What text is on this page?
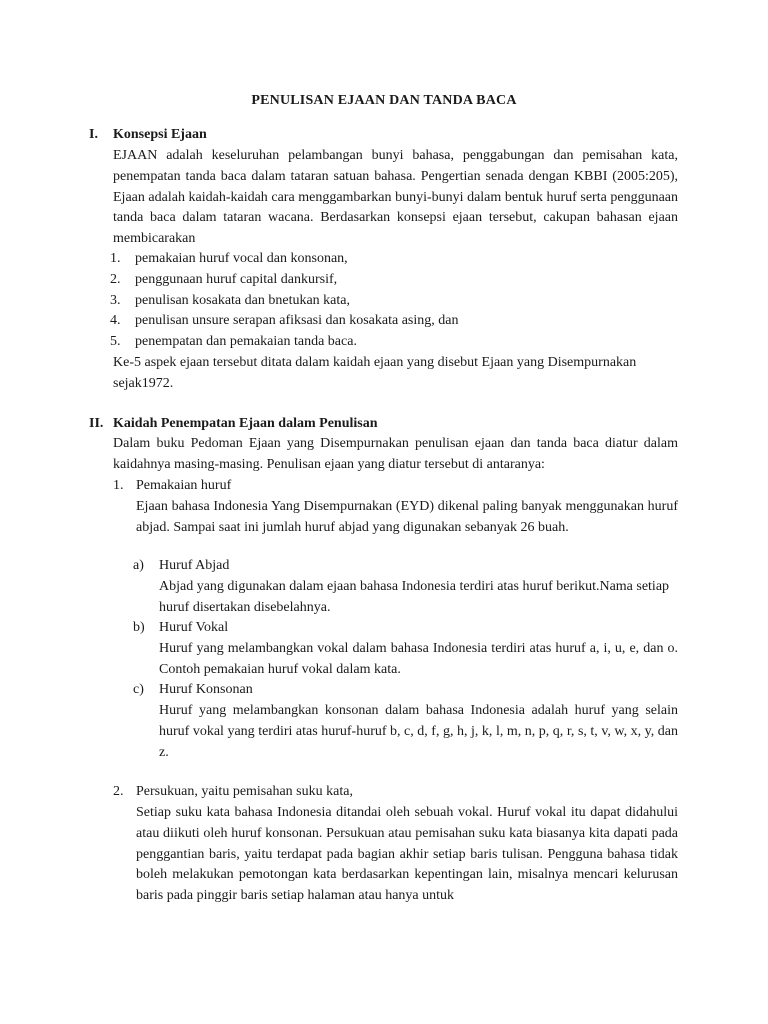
PENULISAN EJAAN DAN TANDA BACA
I. Konsepsi Ejaan
EJAAN adalah keseluruhan pelambangan bunyi bahasa, penggabungan dan pemisahan kata, penempatan tanda baca dalam tataran satuan bahasa. Pengertian senada dengan KBBI (2005:205), Ejaan adalah kaidah-kaidah cara menggambarkan bunyi-bunyi dalam bentuk huruf serta penggunaan tanda baca dalam tataran wacana. Berdasarkan konsepsi ejaan tersebut, cakupan bahasan ejaan membicarakan
1. pemakaian huruf vocal dan konsonan,
2. penggunaan huruf capital dankursif,
3. penulisan kosakata dan bnetukan kata,
4. penulisan unsure serapan afiksasi dan kosakata asing, dan
5. penempatan dan pemakaian tanda baca.
Ke-5 aspek ejaan tersebut ditata dalam kaidah ejaan yang disebut Ejaan yang Disempurnakan
sejak1972.
II. Kaidah Penempatan Ejaan dalam Penulisan
Dalam buku Pedoman Ejaan yang Disempurnakan penulisan ejaan dan tanda baca diatur dalam kaidahnya masing-masing. Penulisan ejaan yang diatur tersebut di antaranya:
1. Pemakaian huruf
Ejaan bahasa Indonesia Yang Disempurnakan (EYD) dikenal paling banyak menggunakan huruf abjad. Sampai saat ini jumlah huruf abjad yang digunakan sebanyak 26 buah.
a) Huruf Abjad
Abjad yang digunakan dalam ejaan bahasa Indonesia terdiri atas huruf berikut.Nama setiap huruf disertakan disebelahnya.
b) Huruf Vokal
Huruf yang melambangkan vokal dalam bahasa Indonesia terdiri atas huruf a, i, u, e, dan o. Contoh pemakaian huruf vokal dalam kata.
c) Huruf Konsonan
Huruf yang melambangkan konsonan dalam bahasa Indonesia adalah huruf yang selain huruf vokal yang terdiri atas huruf-huruf b, c, d, f, g, h, j, k, l, m, n, p, q, r, s, t, v, w, x, y, dan z.
2. Persukuan, yaitu pemisahan suku kata,
Setiap suku kata bahasa Indonesia ditandai oleh sebuah vokal. Huruf vokal itu dapat didahului atau diikuti oleh huruf konsonan. Persukuan atau pemisahan suku kata biasanya kita dapati pada penggantian baris, yaitu terdapat pada bagian akhir setiap baris tulisan. Pengguna bahasa tidak boleh melakukan pemotongan kata berdasarkan kepentingan lain, misalnya mencari kelurusan baris pada pinggir baris setiap halaman atau hanya untuk
